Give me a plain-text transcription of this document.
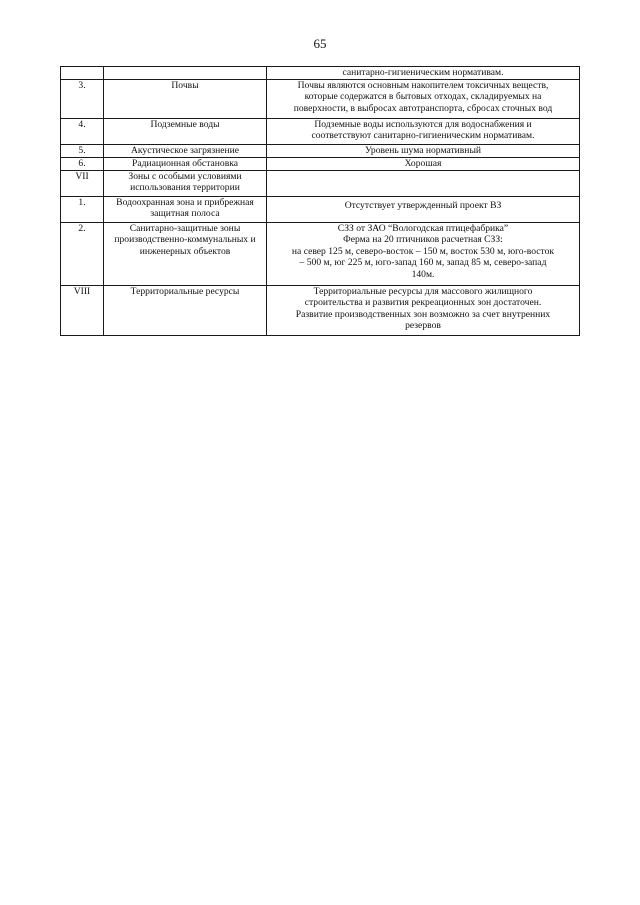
65

		санитарно-гигиеническим нормативам.

3.	Почвы	Почвы являются основным накопителем токсичных веществ,
которые содержатся в бытовых отходах, складируемых на
поверхности, в выбросах автотранспорта, сбросах сточных вод

4.	Подземные воды	Подземные воды используются для водоснабжения и
соответствуют санитарно-гигиеническим нормативам.

5.	Акустическое загрязнение	Уровень шума нормативный

6.	Радиационная обстановка	Хорошая

VII	Зоны с особыми условиями использования территории	
1.	Водоохранная зона и прибрежная защитная полоса	Отсутствует утвержденный проект ВЗ

2.	Санитарно-защитные зоны производственно-коммунальных и инженерных объектов	СЗЗ от ЗАО “Вологодская птицефабрика”
Ферма на 20 птичников расчетная СЗЗ:
на север 125 м, северо-восток – 150 м, восток 530 м, юго-восток
– 500 м, юг 225 м, юго-запад 160 м, запад 85 м, северо-запад
140м.

VIII	Территориальные ресурсы	Территориальные ресурсы для массового жилищного
строительства и развития рекреационных зон достаточен.
Развитие производственных зон возможно за счет внутренних
резервов
